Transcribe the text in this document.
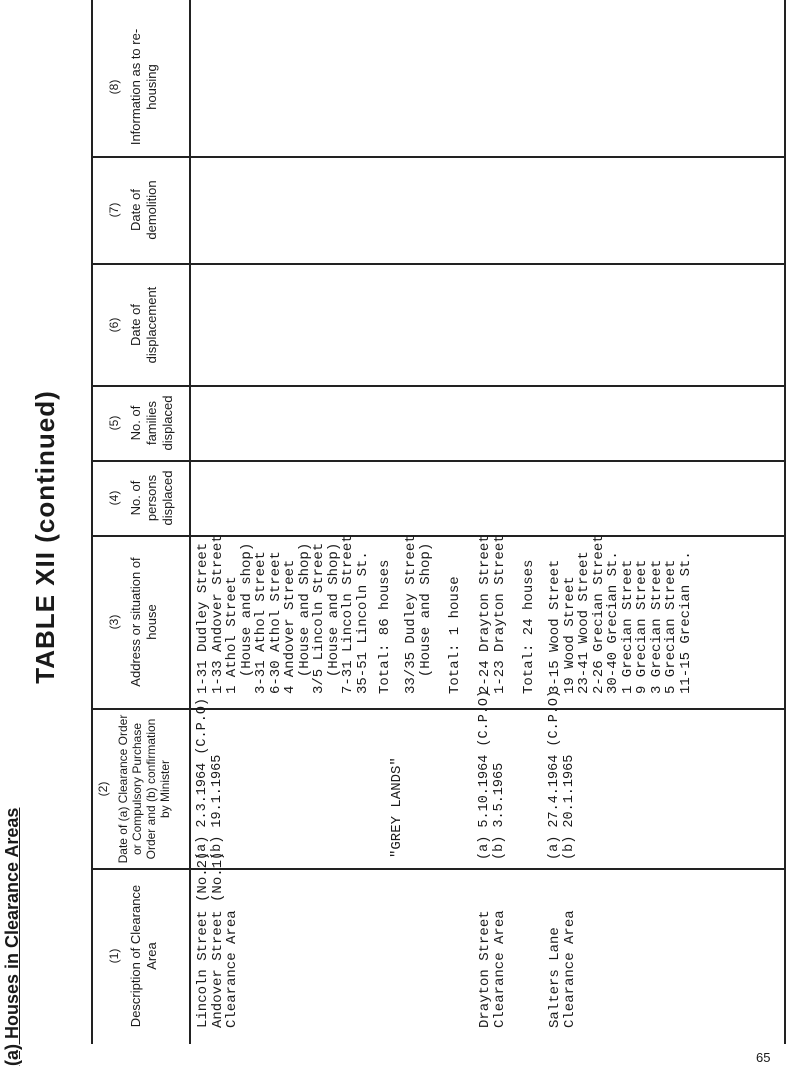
(a) Houses in Clearance Areas
TABLE XII (continued)
(1) Description of Clearance Area
(2) Date of (a) Clearance Order or Compulsory Purchase Order and (b) confirmation by Minister
(3) Address or situation of house
(4) No. of persons displaced
(5) No. of families displaced
(6) Date of displacement
(7) Date of demolition
(8) Information as to re-housing
Lincoln Street (No.2)
Andover Street (No.1)
Clearance Area
(a) 2.3.1964 (C.P.O) (b) 19.1.1965
1-31 Dudley Street
1-33 Andover Street
1 Athol Street
(House and shop)
3-31 Athol Street
6-30 Athol Street
4 Andover Street
(House and Shop)
3/5 Lincoln Street
(House and Shop)
7-31 Lincoln Street
35-51 Lincoln St. Total: 86 houses
"GREY LANDS"
33/35 Dudley Street
(House and Shop) Total: 1 house
Drayton Street
Clearance Area
(a) 5.10.1964 (C.P.O) (b) 3.5.1965
2-24 Drayton Street
1-23 Drayton Street Total: 24 houses
Salters Lane
Clearance Area
(a) 27.4.1964 (C.P.O) (b) 20.1.1965
3-15 Wood Street
19 Wood Street
23-41 Wood Street
2-26 Grecian Street
30-40 Grecian St.
1 Grecian Street
9 Grecian Street
3 Grecian Street
5 Grecian Street
11-15 Grecian St.
65
